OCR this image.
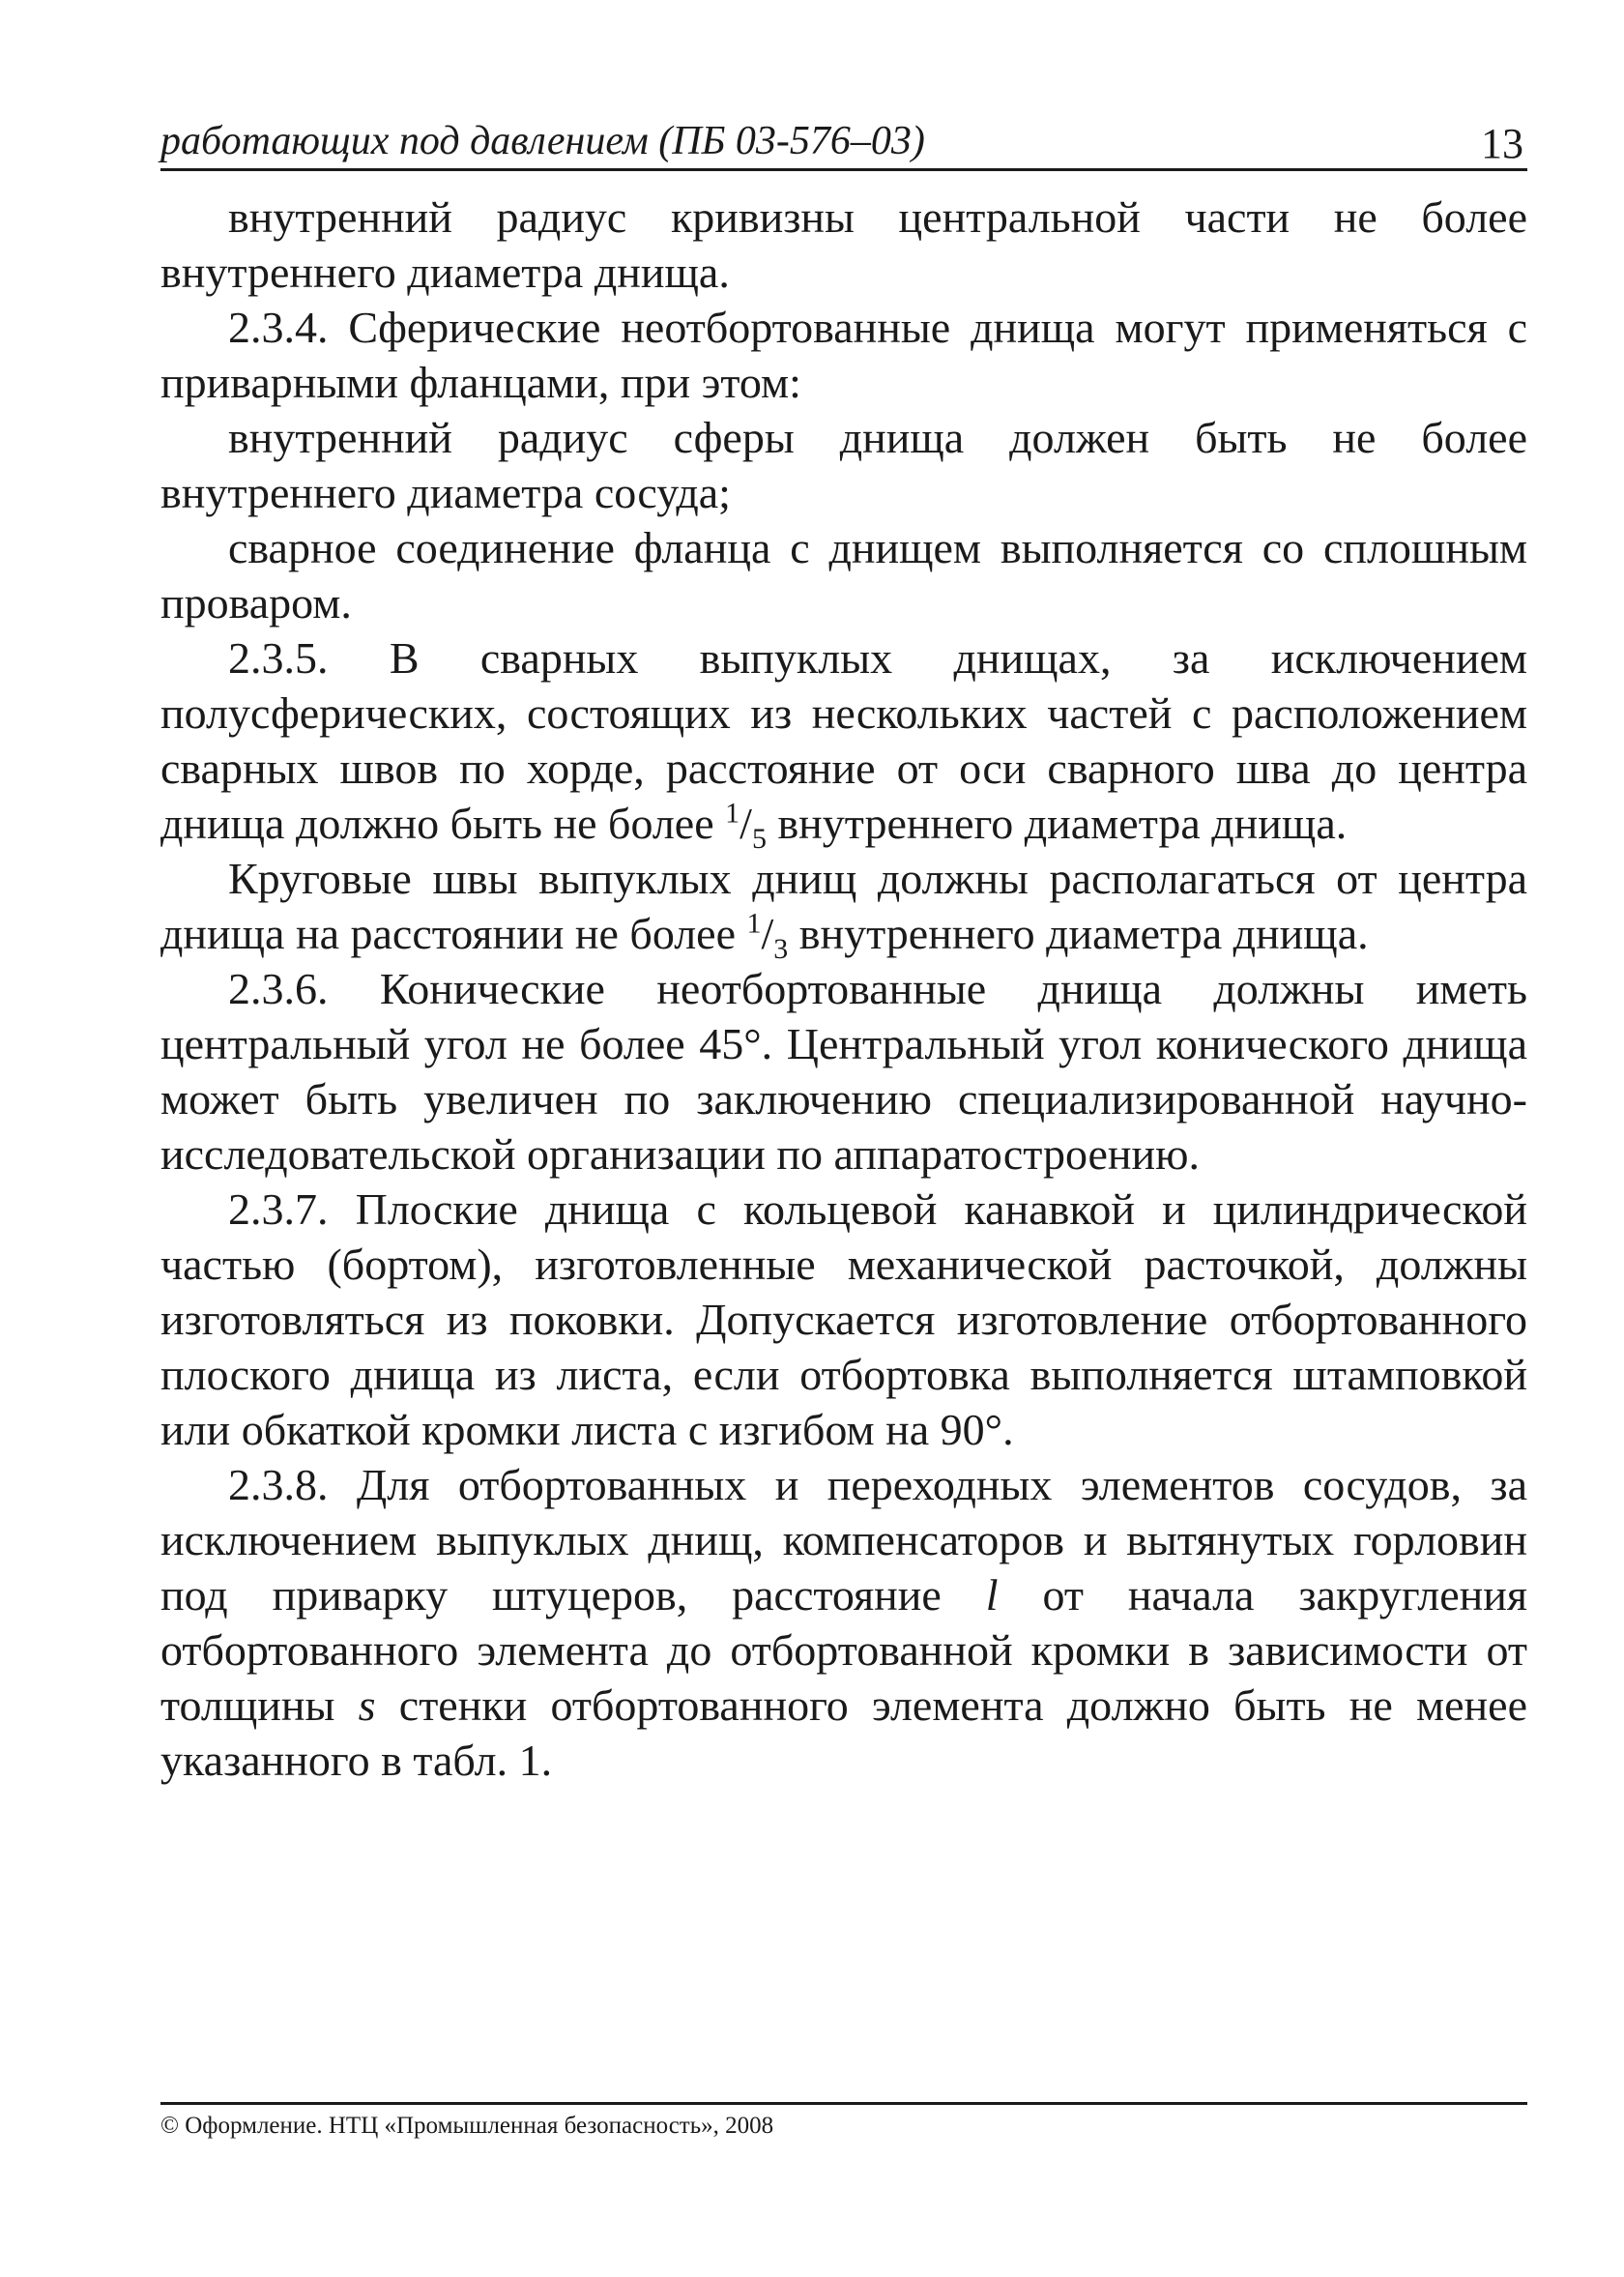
работающих под давлением (ПБ 03-576–03)	13

внутренний радиус кривизны центральной части не более внутреннего диаметра днища.

2.3.4. Сферические неотбортованные днища могут применяться с приварными фланцами, при этом:

внутренний радиус сферы днища должен быть не более внутреннего диаметра сосуда;

сварное соединение фланца с днищем выполняется со сплошным проваром.

2.3.5. В сварных выпуклых днищах, за исключением полусферических, состоящих из нескольких частей с расположением сварных швов по хорде, расстояние от оси сварного шва до центра днища должно быть не более $^1/_5$ внутреннего диаметра днища.

Круговые швы выпуклых днищ должны располагаться от центра днища на расстоянии не более $^1/_3$ внутреннего диаметра днища.

2.3.6. Конические неотбортованные днища должны иметь центральный угол не более 45°. Центральный угол конического днища может быть увеличен по заключению специализированной научно-исследовательской организации по аппаратостроению.

2.3.7. Плоские днища с кольцевой канавкой и цилиндрической частью (бортом), изготовленные механической расточкой, должны изготовляться из поковки. Допускается изготовление отбортованного плоского днища из листа, если отбортовка выполняется штамповкой или обкаткой кромки листа с изгибом на 90°.

2.3.8. Для отбортованных и переходных элементов сосудов, за исключением выпуклых днищ, компенсаторов и вытянутых горловин под приварку штуцеров, расстояние l от начала закругления отбортованного элемента до отбортованной кромки в зависимости от толщины s стенки отбортованного элемента должно быть не менее указанного в табл. 1.

© Оформление. НТЦ «Промышленная безопасность», 2008
